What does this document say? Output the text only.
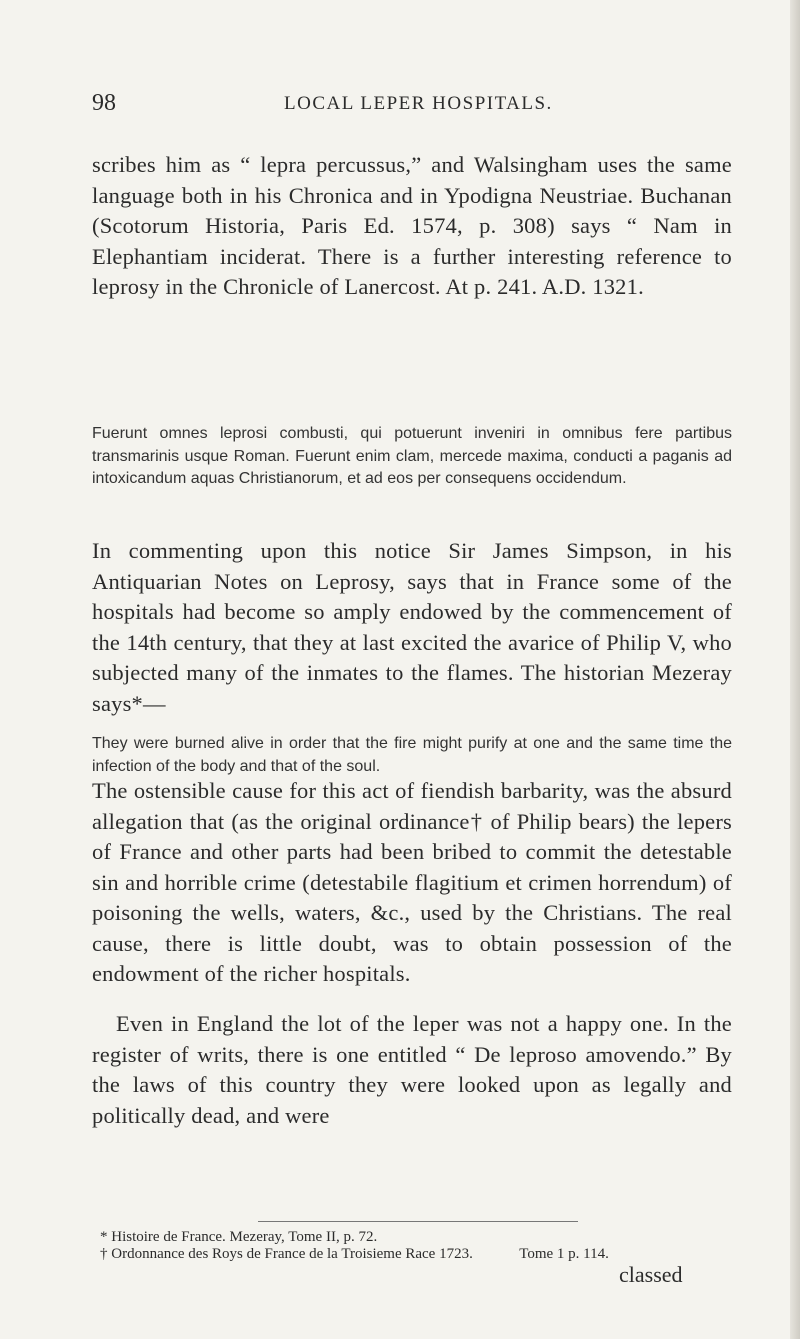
98	LOCAL LEPER HOSPITALS.

scribes him as “ lepra percussus,” and Walsingham uses the same language both in his Chronica and in Ypodigna Neustriae. Buchanan (Scotorum Historia, Paris Ed. 1574, p. 308) says “ Nam in Elephantiam inciderat. There is a further interesting reference to leprosy in the Chronicle of Lanercost. At p. 241. A.D. 1321.

Fuerunt omnes leprosi combusti, qui potuerunt inveniri in omnibus fere partibus transmarinis usque Roman. Fuerunt enim clam, mercede maxima, conducti a paganis ad intoxicandum aquas Christianorum, et ad eos per consequens occidendum.

In commenting upon this notice Sir James Simpson, in his Antiquarian Notes on Leprosy, says that in France some of the hospitals had become so amply endowed by the commencement of the 14th century, that they at last excited the avarice of Philip V, who subjected many of the inmates to the flames. The historian Mezeray says*—

They were burned alive in order that the fire might purify at one and the same time the infection of the body and that of the soul.

The ostensible cause for this act of fiendish barbarity, was the absurd allegation that (as the original ordinance† of Philip bears) the lepers of France and other parts had been bribed to commit the detestable sin and horrible crime (detestabile flagitium et crimen horrendum) of poisoning the wells, waters, &c., used by the Christians. The real cause, there is little doubt, was to obtain possession of the endowment of the richer hospitals.

Even in England the lot of the leper was not a happy one. In the register of writs, there is one entitled “ De leproso amovendo.” By the laws of this country they were looked upon as legally and politically dead, and were

* Histoire de France. Mezeray, Tome II, p. 72.
† Ordonnance des Roys de France de la Troisieme Race 1723.	Tome 1 p. 114.
classed
